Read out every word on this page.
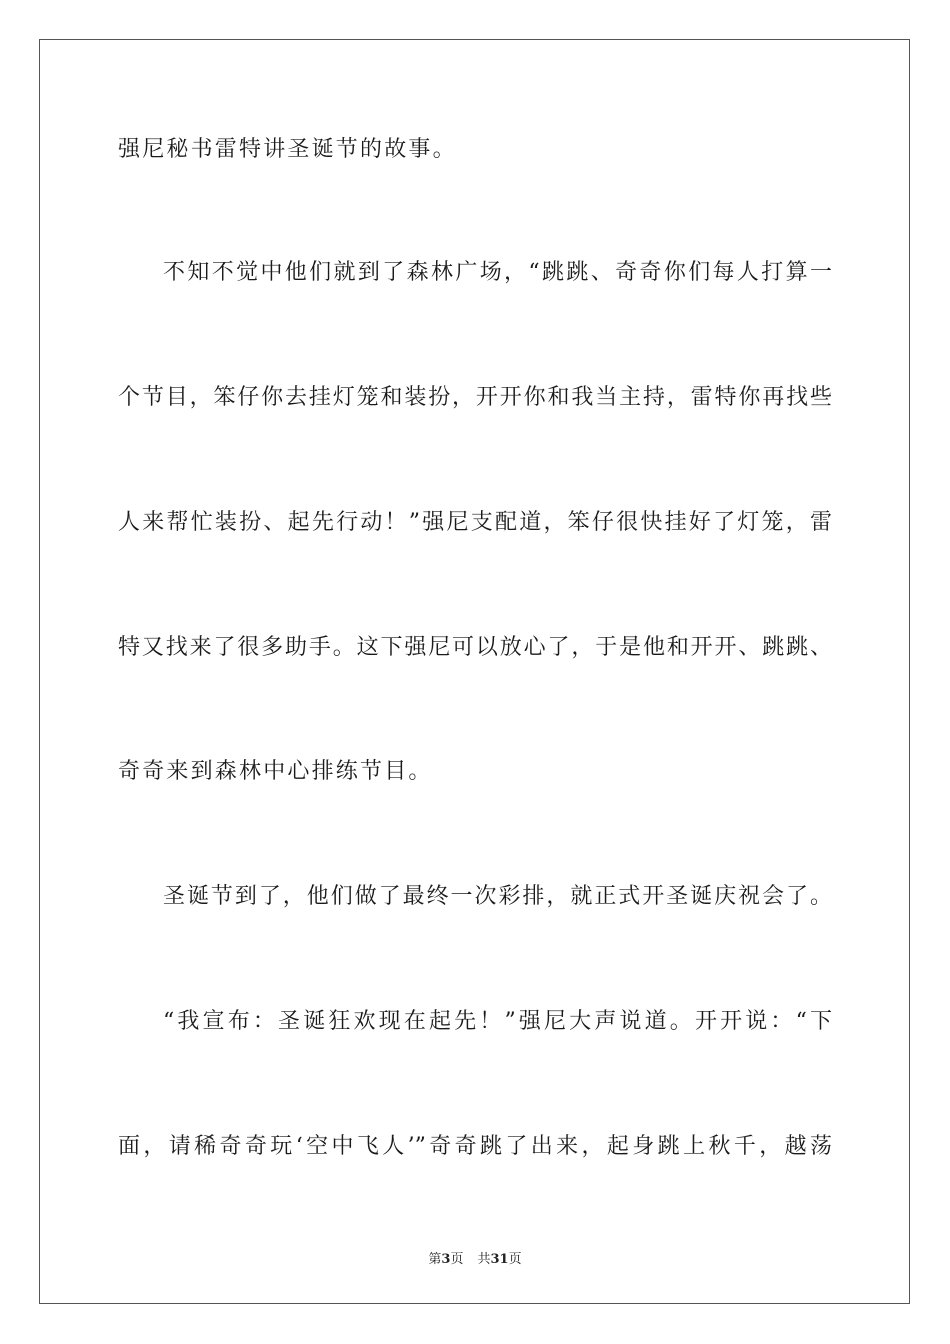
强尼秘书雷特讲圣诞节的故事。
不知不觉中他们就到了森林广场，“跳跳、奇奇你们每人打算一
个节目，笨仔你去挂灯笼和装扮，开开你和我当主持，雷特你再找些
人来帮忙装扮、起先行动！”强尼支配道，笨仔很快挂好了灯笼，雷
特又找来了很多助手。这下强尼可以放心了，于是他和开开、跳跳、
奇奇来到森林中心排练节目。
圣诞节到了，他们做了最终一次彩排，就正式开圣诞庆祝会了。
“我宣布：圣诞狂欢现在起先！”强尼大声说道。开开说：“下
面，请稀奇奇玩‘空中飞人’”奇奇跳了出来，起身跳上秋千，越荡
第3页 共31页
